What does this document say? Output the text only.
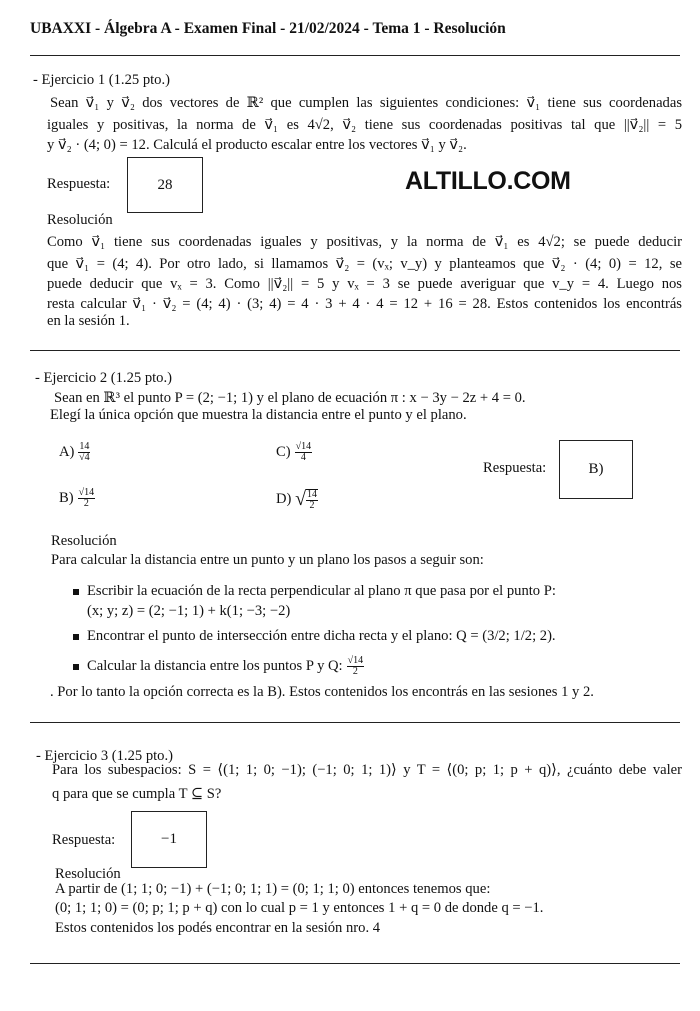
UBAXXI - Álgebra A - Examen Final - 21/02/2024 - Tema 1 - Resolución
- Ejercicio 1 (1.25 pto.)
Sean v⃗₁ y v⃗₂ dos vectores de ℝ² que cumplen las siguientes condiciones: v⃗₁ tiene sus coordenadas
iguales y positivas, la norma de v⃗₁ es 4√2, v⃗₂ tiene sus coordenadas positivas tal que ||v⃗₂|| = 5
y v⃗₂ · (4; 0) = 12. Calculá el producto escalar entre los vectores v⃗₁ y v⃗₂.
Respuesta:	28	ALTILLO.COM
Resolución
Como v⃗₁ tiene sus coordenadas iguales y positivas, y la norma de v⃗₁ es 4√2; se puede deducir
que v⃗₁ = (4; 4). Por otro lado, si llamamos v⃗₂ = (vₓ; v_y) y planteamos que v⃗₂ · (4; 0) = 12, se
puede deducir que vₓ = 3. Como ||v⃗₂|| = 5 y vₓ = 3 se puede averiguar que v_y = 4. Luego nos
resta calcular v⃗₁ · v⃗₂ = (4; 4) · (3; 4) = 4 · 3 + 4 · 4 = 12 + 16 = 28. Estos contenidos los encontrás
en la sesión 1.
- Ejercicio 2 (1.25 pto.)
Sean en ℝ³ el punto P = (2; −1; 1) y el plano de ecuación π : x − 3y − 2z + 4 = 0.
Elegí la única opción que muestra la distancia entre el punto y el plano.
$A) \frac{14}{√4}$
$B) \frac{√14}{2}$
$C) \frac{√14}{4}$
D) √ $\frac{14}{2}$
Respuesta:	B)
Resolución
Para calcular la distancia entre un punto y un plano los pasos a seguir son:
Escribir la ecuación de la recta perpendicular al plano π que pasa por el punto P:
(x; y; z) = (2; −1; 1) + k(1; −3; −2)
Encontrar el punto de intersección entre dicha recta y el plano: Q = (3/2; 1/2; 2).
Calcular la distancia entre los puntos P y Q: $\frac{√14}{2}$
. Por lo tanto la opción correcta es la B). Estos contenidos los encontrás en las sesiones 1 y 2.
- Ejercicio 3 (1.25 pto.)
Para los subespacios: S = ⟨(1; 1; 0; −1); (−1; 0; 1; 1)⟩ y T = ⟨(0; p; 1; p + q)⟩, ¿cuánto debe valer
q para que se cumpla T ⊆ S?
Respuesta:	−1
Resolución
A partir de (1; 1; 0; −1) + (−1; 0; 1; 1) = (0; 1; 1; 0) entonces tenemos que:
(0; 1; 1; 0) = (0; p; 1; p + q) con lo cual p = 1 y entonces 1 + q = 0 de donde q = −1.
Estos contenidos los podés encontrar en la sesión nro. 4
